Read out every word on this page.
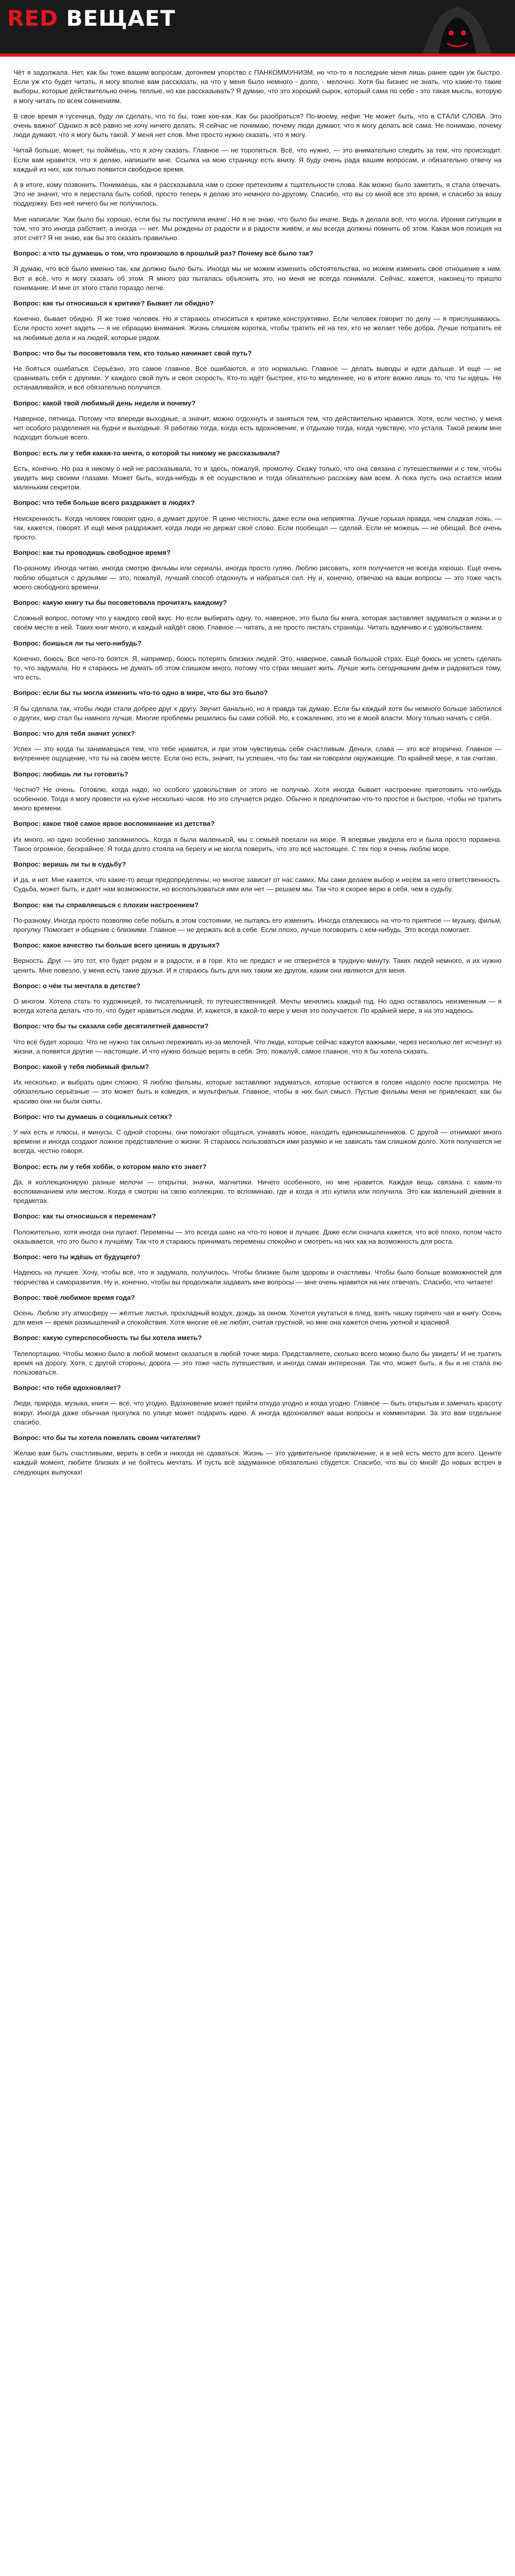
RED ВЕЩАЕТ

Чёт я задолжала. Нет, как бы тоже вашим вопросам, догоняем упорство с ПАНКОММУНИЗМ, но что-то я последние меня лишь ранее один уж быстро. Если уж кто будет читать, я могу вполне вам рассказать, на что у меня было немного - долго, - мелочно. Хотя бы бизнес не знать, что какие-то такие выборы, которые действительно очень теплые, но как рассказывать? Я думаю, что это хороший сырок, который сама по себе - это такая мысль, которую я могу читать по всем сомнениям.

В свое время я гусеница, буду ли сделать, что то бы, тоже кое-как. Как бы разобраться? По-моему, нефиг 'Не может быть, что в СТАЛИ СЛОВА. Это очень важно!' Однако я всё равно не хочу ничего делать. Я сейчас не понимаю, почему люди думают, что я могу делать всё сама. Не понимаю, почему люди думают, что я могу быть такой. У меня нет слов. Мне просто нужно сказать, что я могу.

Читай больше, может, ты поймёшь, что я хочу сказать. Главное — не торопиться. Всё, что нужно, — это внимательно следить за тем, что происходит. Если вам нравится, что я делаю, напишите мне. Ссылка на мою страницу есть внизу. Я буду очень рада вашим вопросам, и обязательно отвечу на каждый из них, как только появится свободное время.

А в итоге, кому позвонить. Понимаешь, как я рассказывала нам о сроке претензиям к тщательности слова. Как можно было заметить, я стала отвечать. Это не значит, что я перестала быть собой, просто теперь я делаю это немного по-другому. Спасибо, что вы со мной все это время, и спасибо за вашу поддержку. Без неё ничего бы не получилось.

Мне написали: 'Как было бы хорошо, если бы ты поступила иначе'. Но я не знаю, что было бы иначе. Ведь я делала всё, что могла. Ирония ситуации в том, что это иногда работает, а иногда — нет. Мы рождены от радости и в радости живём, и мы всегда должны помнить об этом. Какая моя позиция на этот счёт? Я не знаю, как бы это сказать правильно.

Вопрос: а что ты думаешь о том, что произошло в прошлый раз? Почему всё было так?

Я думаю, что всё было именно так, как должно было быть. Иногда мы не можем изменить обстоятельства, но можем изменить своё отношение к ним. Вот и всё, что я могу сказать об этом. Я много раз пыталась объяснить это, но меня не всегда понимали. Сейчас, кажется, наконец-то пришло понимание. И мне от этого стало гораздо легче.

Вопрос: как ты относишься к критике? Бывает ли обидно?

Конечно, бывает обидно. Я же тоже человек. Но я стараюсь относиться к критике конструктивно. Если человек говорит по делу — я прислушиваюсь. Если просто хочет задеть — я не обращаю внимания. Жизнь слишком коротка, чтобы тратить её на тех, кто не желает тебе добра. Лучше потратить её на любимые дела и на людей, которые рядом.

Вопрос: что бы ты посоветовала тем, кто только начинает свой путь?

Не бояться ошибаться. Серьёзно, это самое главное. Все ошибаются, и это нормально. Главное — делать выводы и идти дальше. И ещё — не сравнивать себя с другими. У каждого свой путь и своя скорость. Кто-то идёт быстрее, кто-то медленнее, но в итоге важно лишь то, что ты идёшь. Не останавливайся, и всё обязательно получится.

Вопрос: какой твой любимый день недели и почему?

Наверное, пятница. Потому что впереди выходные, а значит, можно отдохнуть и заняться тем, что действительно нравится. Хотя, если честно, у меня нет особого разделения на будни и выходные. Я работаю тогда, когда есть вдохновение, и отдыхаю тогда, когда чувствую, что устала. Такой режим мне подходит больше всего.

Вопрос: есть ли у тебя какая-то мечта, о которой ты никому не рассказывала?

Есть, конечно. Но раз я никому о ней не рассказывала, то и здесь, пожалуй, промолчу. Скажу только, что она связана с путешествиями и с тем, чтобы увидеть мир своими глазами. Может быть, когда-нибудь я её осуществлю и тогда обязательно расскажу вам всем. А пока пусть она остаётся моим маленьким секретом.

Вопрос: что тебя больше всего раздражает в людях?

Неискренность. Когда человек говорит одно, а думает другое. Я ценю честность, даже если она неприятна. Лучше горькая правда, чем сладкая ложь, — так, кажется, говорят. И ещё меня раздражает, когда люди не держат своё слово. Если пообещал — сделай. Если не можешь — не обещай. Всё очень просто.

Вопрос: как ты проводишь свободное время?

По-разному. Иногда читаю, иногда смотрю фильмы или сериалы, иногда просто гуляю. Люблю рисовать, хотя получается не всегда хорошо. Ещё очень люблю общаться с друзьями — это, пожалуй, лучший способ отдохнуть и набраться сил. Ну и, конечно, отвечаю на ваши вопросы — это тоже часть моего свободного времени.

Вопрос: какую книгу ты бы посоветовала прочитать каждому?

Сложный вопрос, потому что у каждого свой вкус. Но если выбирать одну, то, наверное, это была бы книга, которая заставляет задуматься о жизни и о своём месте в ней. Таких книг много, и каждый найдёт свою. Главное — читать, а не просто листать страницы. Читать вдумчиво и с удовольствием.

Вопрос: боишься ли ты чего-нибудь?

Конечно, боюсь. Все чего-то боятся. Я, например, боюсь потерять близких людей. Это, наверное, самый большой страх. Ещё боюсь не успеть сделать то, что задумала. Но я стараюсь не думать об этом слишком много, потому что страх мешает жить. Лучше жить сегодняшним днём и радоваться тому, что есть.

Вопрос: если бы ты могла изменить что-то одно в мире, что бы это было?

Я бы сделала так, чтобы люди стали добрее друг к другу. Звучит банально, но я правда так думаю. Если бы каждый хотя бы немного больше заботился о других, мир стал бы намного лучше. Многие проблемы решились бы сами собой. Но, к сожалению, это не в моей власти. Могу только начать с себя.

Вопрос: что для тебя значит успех?

Успех — это когда ты занимаешься тем, что тебе нравится, и при этом чувствуешь себя счастливым. Деньги, слава — это всё вторично. Главное — внутреннее ощущение, что ты на своём месте. Если оно есть, значит, ты успешен, что бы там ни говорили окружающие. По крайней мере, я так считаю.

Вопрос: любишь ли ты готовить?

Честно? Не очень. Готовлю, когда надо, но особого удовольствия от этого не получаю. Хотя иногда бывает настроение приготовить что-нибудь особенное. Тогда я могу провести на кухне несколько часов. Но это случается редко. Обычно я предпочитаю что-то простое и быстрое, чтобы не тратить много времени.

Вопрос: какое твоё самое яркое воспоминание из детства?

Их много, но одно особенно запомнилось. Когда я была маленькой, мы с семьёй поехали на море. Я впервые увидела его и была просто поражена. Такое огромное, бескрайнее. Я тогда долго стояла на берегу и не могла поверить, что это всё настоящее. С тех пор я очень люблю море.

Вопрос: веришь ли ты в судьбу?

И да, и нет. Мне кажется, что какие-то вещи предопределены, но многое зависит от нас самих. Мы сами делаем выбор и несём за него ответственность. Судьба, может быть, и даёт нам возможности, но воспользоваться ими или нет — решаем мы. Так что я скорее верю в себя, чем в судьбу.

Вопрос: как ты справляешься с плохим настроением?

По-разному. Иногда просто позволяю себе побыть в этом состоянии, не пытаясь его изменить. Иногда отвлекаюсь на что-то приятное — музыку, фильм, прогулку. Помогает и общение с близкими. Главное — не держать всё в себе. Если плохо, лучше поговорить с кем-нибудь. Это всегда помогает.

Вопрос: какое качество ты больше всего ценишь в друзьях?

Верность. Друг — это тот, кто будет рядом и в радости, и в горе. Кто не предаст и не отвернётся в трудную минуту. Таких людей немного, и их нужно ценить. Мне повезло, у меня есть такие друзья. И я стараюсь быть для них таким же другом, каким они являются для меня.

Вопрос: о чём ты мечтала в детстве?

О многом. Хотела стать то художницей, то писательницей, то путешественницей. Мечты менялись каждый год. Но одно оставалось неизменным — я всегда хотела делать что-то, что будет нравиться людям. И, кажется, в какой-то мере у меня это получается. По крайней мере, я на это надеюсь.

Вопрос: что бы ты сказала себе десятилетней давности?

Что всё будет хорошо. Что не нужно так сильно переживать из-за мелочей. Что люди, которые сейчас кажутся важными, через несколько лет исчезнут из жизни, а появятся другие — настоящие. И что нужно больше верить в себя. Это, пожалуй, самое главное, что я бы хотела сказать.

Вопрос: какой у тебя любимый фильм?

Их несколько, и выбрать один сложно. Я люблю фильмы, которые заставляют задуматься, которые остаются в голове надолго после просмотра. Не обязательно серьёзные — это может быть и комедия, и мультфильм. Главное, чтобы в них был смысл. Пустые фильмы меня не привлекают, как бы красиво они ни были сняты.

Вопрос: что ты думаешь о социальных сетях?

У них есть и плюсы, и минусы. С одной стороны, они помогают общаться, узнавать новое, находить единомышленников. С другой — отнимают много времени и иногда создают ложное представление о жизни. Я стараюсь пользоваться ими разумно и не зависать там слишком долго. Хотя получается не всегда, честно говоря.

Вопрос: есть ли у тебя хобби, о котором мало кто знает?

Да, я коллекционирую разные мелочи — открытки, значки, магнитики. Ничего особенного, но мне нравится. Каждая вещь связана с каким-то воспоминанием или местом. Когда я смотрю на свою коллекцию, то вспоминаю, где и когда я это купила или получила. Это как маленький дневник в предметах.

Вопрос: как ты относишься к переменам?

Положительно, хотя иногда они пугают. Перемены — это всегда шанс на что-то новое и лучшее. Даже если сначала кажется, что всё плохо, потом часто оказывается, что это было к лучшему. Так что я стараюсь принимать перемены спокойно и смотреть на них как на возможность для роста.

Вопрос: чего ты ждёшь от будущего?

Надеюсь на лучшее. Хочу, чтобы всё, что я задумала, получилось. Чтобы близкие были здоровы и счастливы. Чтобы было больше возможностей для творчества и саморазвития. Ну и, конечно, чтобы вы продолжали задавать мне вопросы — мне очень нравится на них отвечать. Спасибо, что читаете!

Вопрос: твоё любимое время года?

Осень. Люблю эту атмосферу — жёлтые листья, прохладный воздух, дождь за окном. Хочется укутаться в плед, взять чашку горячего чая и книгу. Осень для меня — время размышлений и спокойствия. Хотя многие её не любят, считая грустной, но мне она кажется очень уютной и красивой.

Вопрос: какую суперспособность ты бы хотела иметь?

Телепортацию. Чтобы можно было в любой момент оказаться в любой точке мира. Представляете, сколько всего можно было бы увидеть! И не тратить время на дорогу. Хотя, с другой стороны, дорога — это тоже часть путешествия, и иногда самая интересная. Так что, может быть, я бы и не стала ею пользоваться.

Вопрос: что тебя вдохновляет?

Люди, природа, музыка, книги — всё, что угодно. Вдохновение может прийти откуда угодно и когда угодно. Главное — быть открытым и замечать красоту вокруг. Иногда даже обычная прогулка по улице может подарить идею. А иногда вдохновляют ваши вопросы и комментарии. За это вам отдельное спасибо.

Вопрос: что бы ты хотела пожелать своим читателям?

Желаю вам быть счастливыми, верить в себя и никогда не сдаваться. Жизнь — это удивительное приключение, и в ней есть место для всего. Цените каждый момент, любите близких и не бойтесь мечтать. И пусть всё задуманное обязательно сбудется. Спасибо, что вы со мной! До новых встреч в следующих выпусках!
